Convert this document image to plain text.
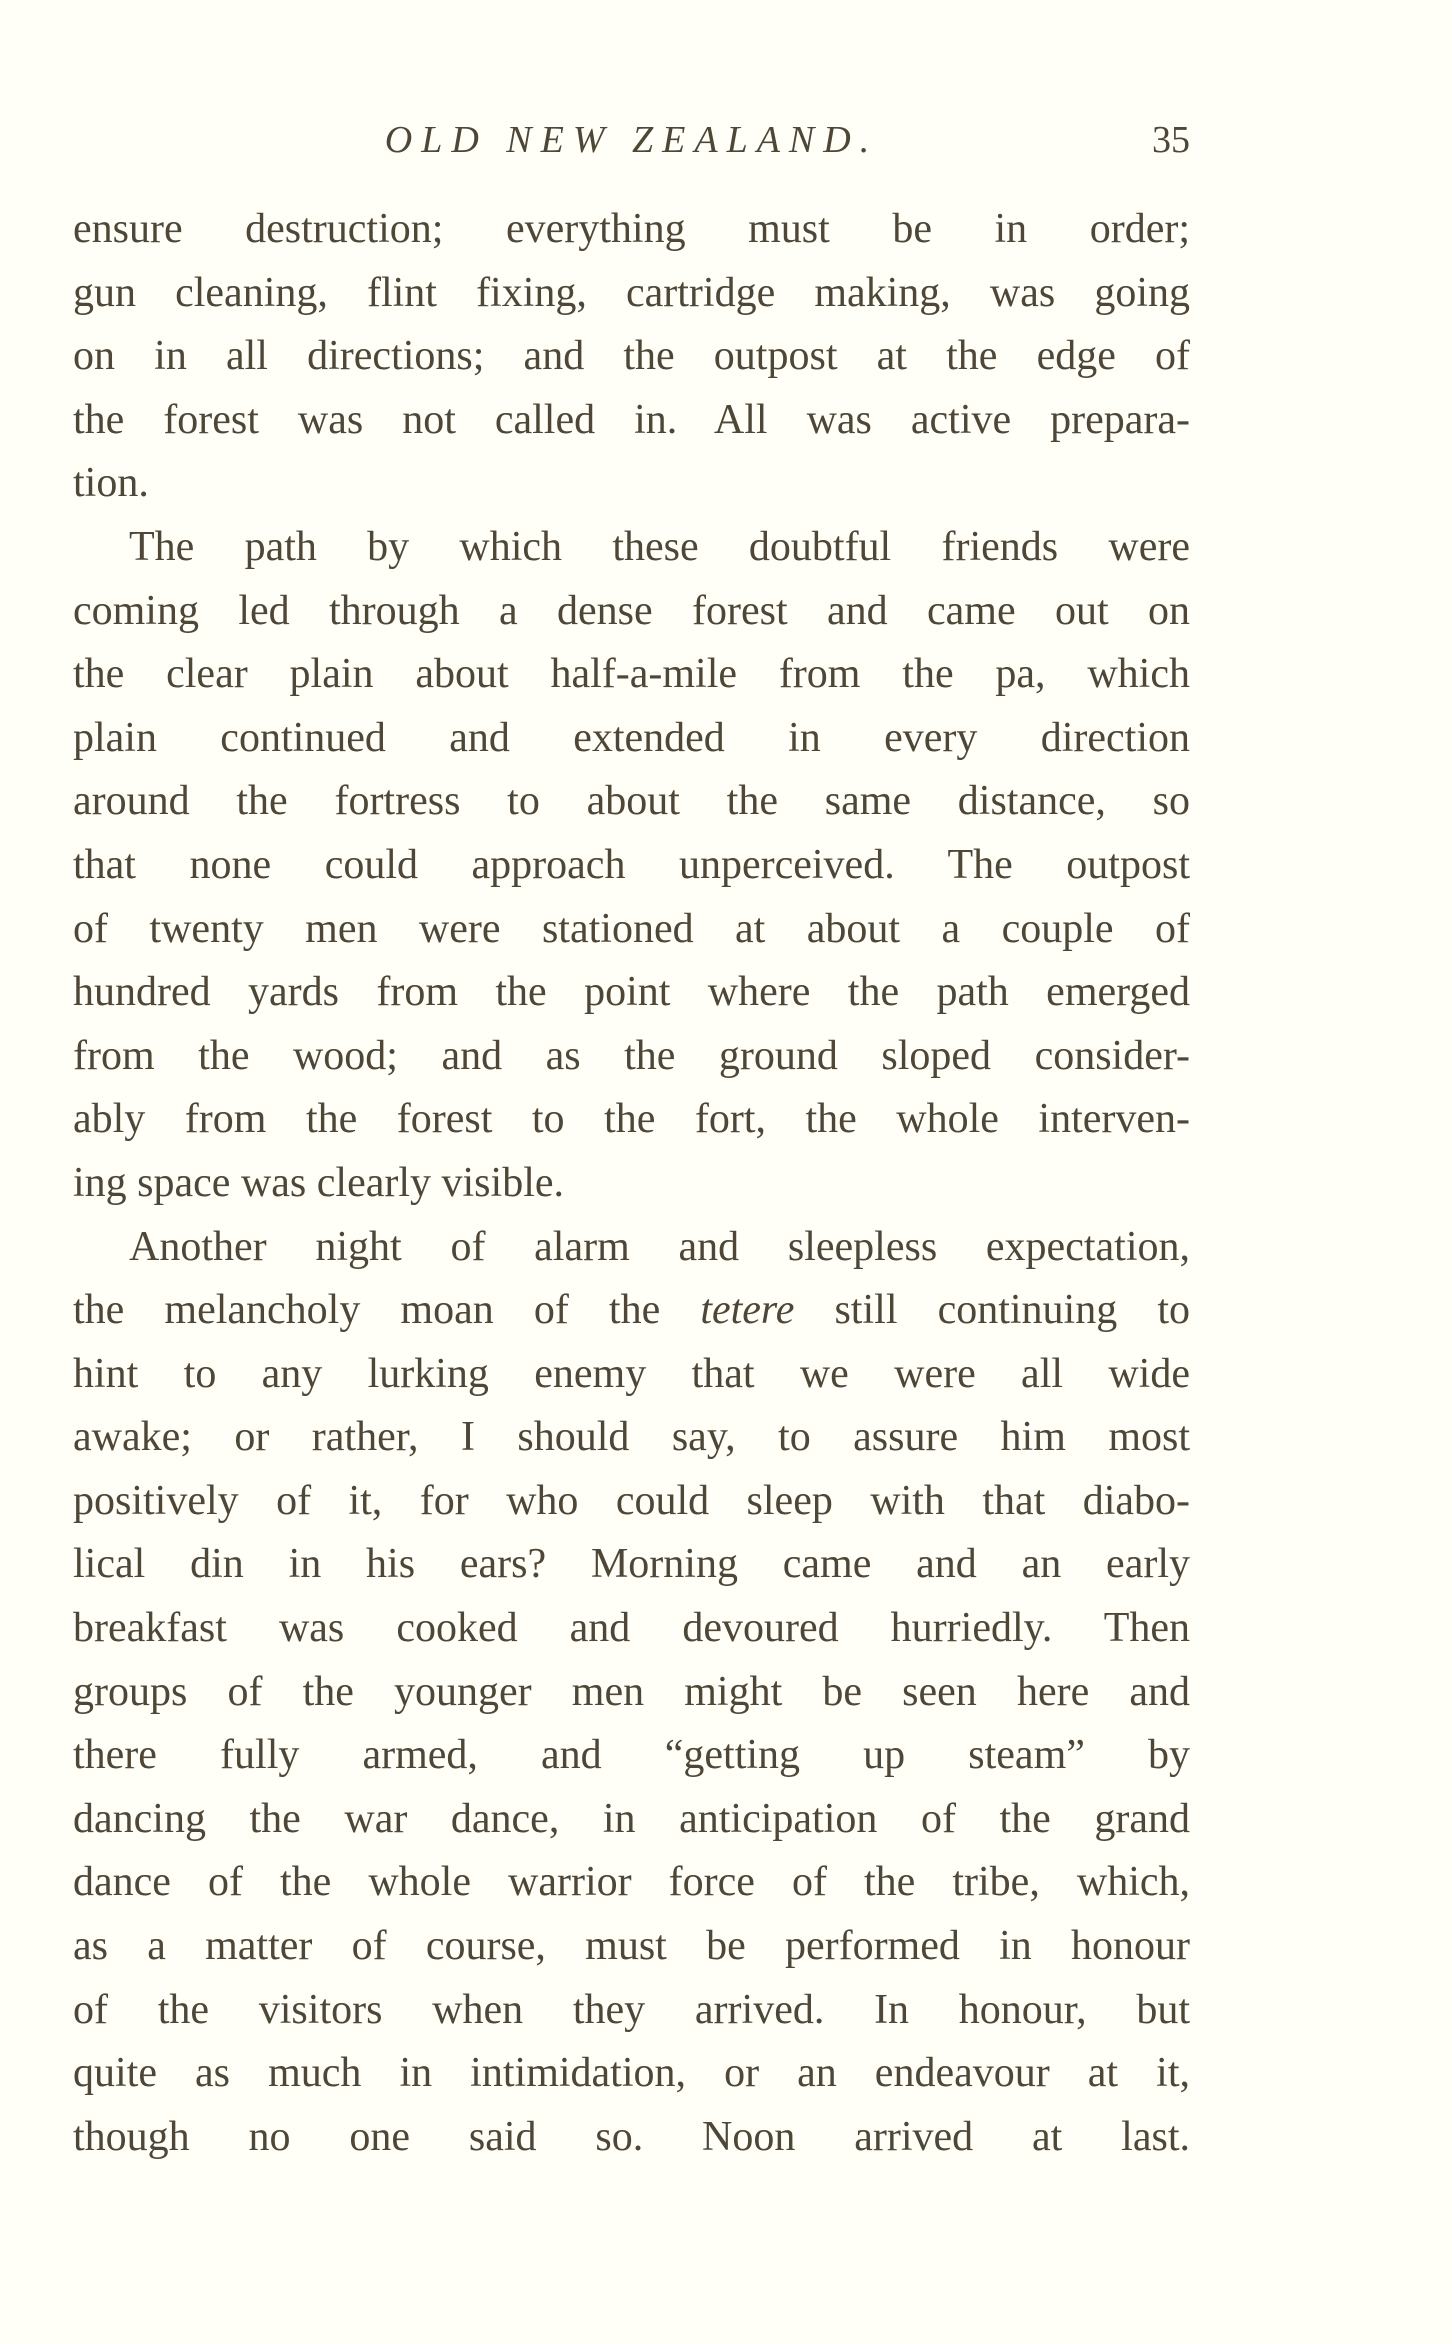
OLD NEW ZEALAND.	35
ensure destruction; everything must be in order;
gun cleaning, flint fixing, cartridge making, was going
on in all directions; and the outpost at the edge of
the forest was not called in. All was active prepara-
tion.
The path by which these doubtful friends were
coming led through a dense forest and came out on
the clear plain about half-a-mile from the pa, which
plain continued and extended in every direction
around the fortress to about the same distance, so
that none could approach unperceived. The outpost
of twenty men were stationed at about a couple of
hundred yards from the point where the path emerged
from the wood; and as the ground sloped consider-
ably from the forest to the fort, the whole interven-
ing space was clearly visible.
Another night of alarm and sleepless expectation,
the melancholy moan of the tetere still continuing to
hint to any lurking enemy that we were all wide
awake; or rather, I should say, to assure him most
positively of it, for who could sleep with that diabo-
lical din in his ears? Morning came and an early
breakfast was cooked and devoured hurriedly. Then
groups of the younger men might be seen here and
there fully armed, and “getting up steam” by
dancing the war dance, in anticipation of the grand
dance of the whole warrior force of the tribe, which,
as a matter of course, must be performed in honour
of the visitors when they arrived. In honour, but
quite as much in intimidation, or an endeavour at it,
though no one said so. Noon arrived at last.
